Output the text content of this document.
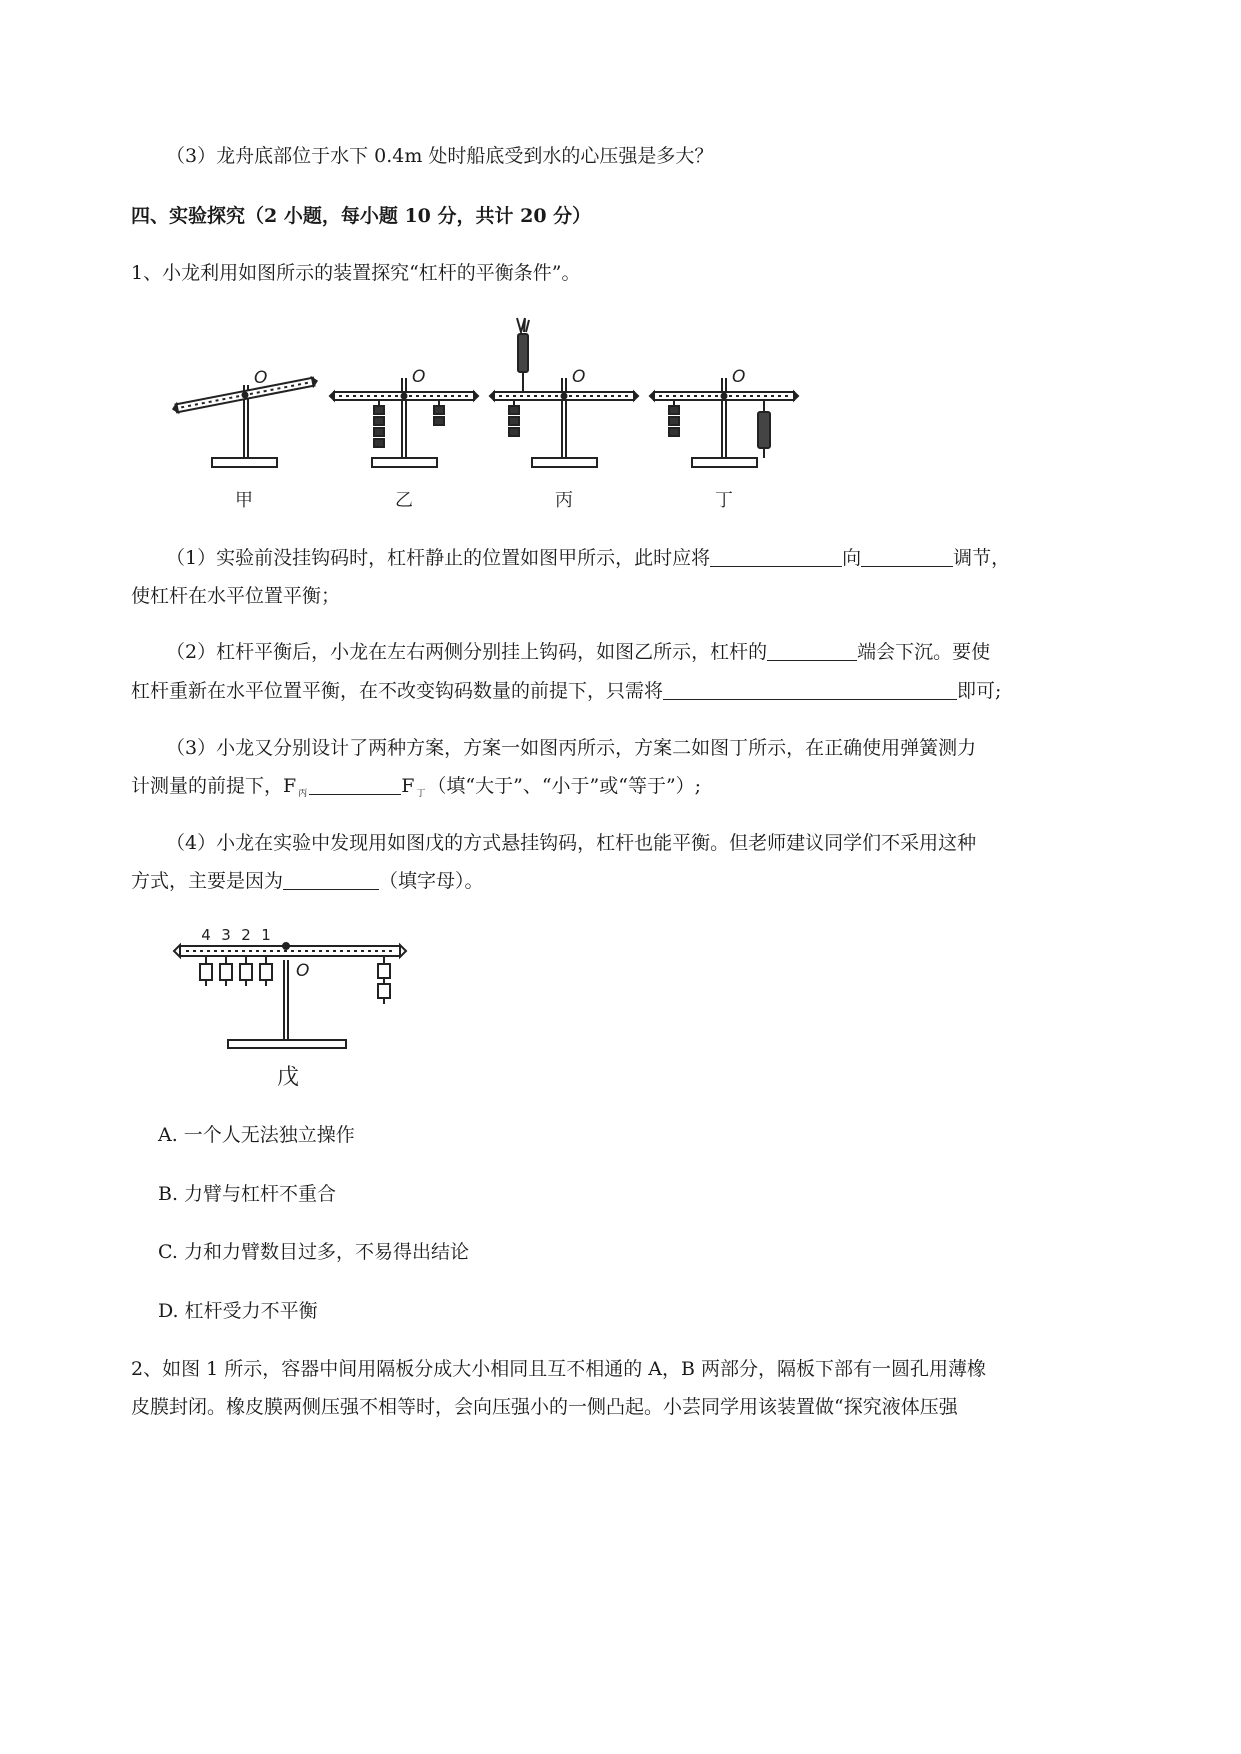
（3）龙舟底部位于水下 0.4m 处时船底受到水的心压强是多大？
四、实验探究（2 小题，每小题 10 分，共计 20 分）
1、小龙利用如图所示的装置探究“杠杆的平衡条件”。
O	O	O	O
甲	乙	丙	丁
（1）实验前没挂钩码时，杠杆静止的位置如图甲所示，此时应将	向	调节，
使杠杆在水平位置平衡；
（2）杠杆平衡后，小龙在左右两侧分别挂上钩码，如图乙所示，杠杆的	端会下沉。要使
杠杆重新在水平位置平衡，在不改变钩码数量的前提下，只需将	即可;
（3）小龙又分别设计了两种方案，方案一如图丙所示，方案二如图丁所示，在正确使用弹簧测力
计测量的前提下，F $_丙$	F $_丁$ （填“大于”、“小于”或“等于”）;
（4）小龙在实验中发现用如图戊的方式悬挂钩码，杠杆也能平衡。但老师建议同学们不采用这种
方式，主要是因为	（填字母）。
4 3 2 1
O
戊
A. 一个人无法独立操作
B. 力臂与杠杆不重合
C. 力和力臂数目过多，不易得出结论
D. 杠杆受力不平衡
2、如图 1 所示，容器中间用隔板分成大小相同且互不相通的 A，B 两部分，隔板下部有一圆孔用薄橡
皮膜封闭。橡皮膜两侧压强不相等时，会向压强小的一侧凸起。小芸同学用该装置做“探究液体压强
